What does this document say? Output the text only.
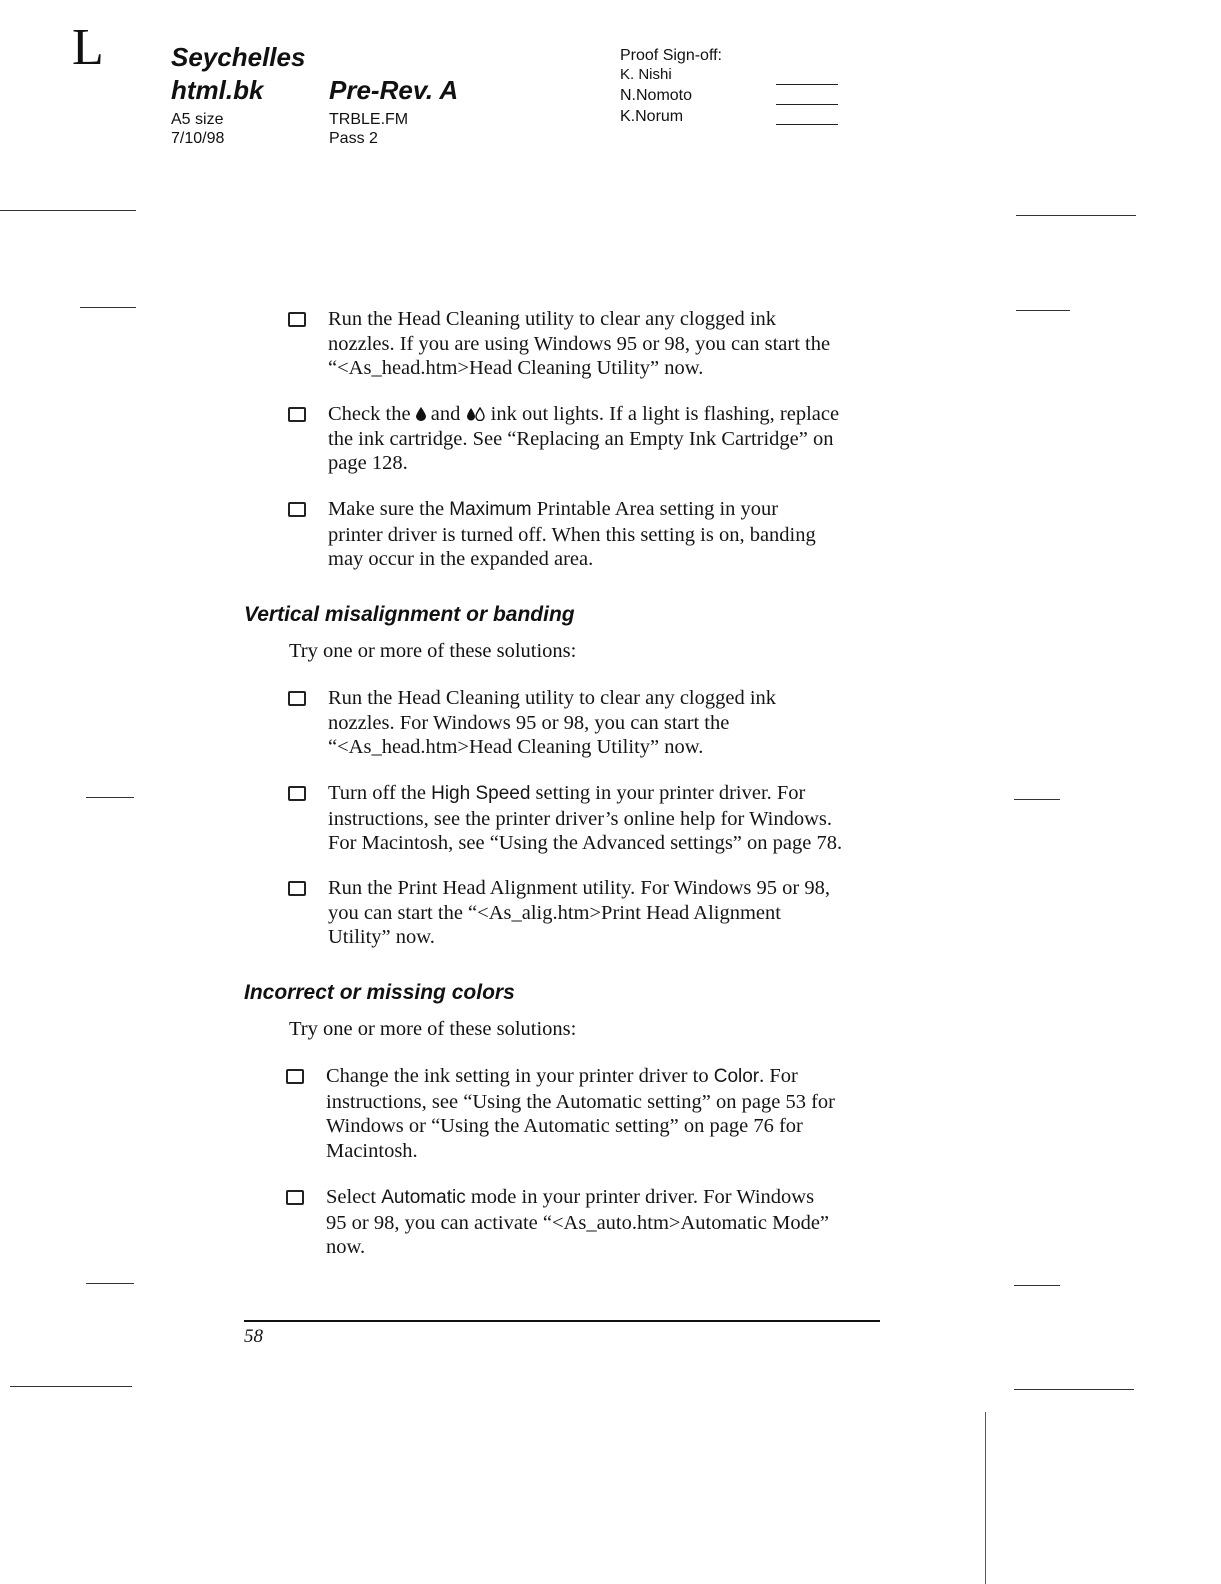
L	Seychelles
html.bk	Pre-Rev. A
A5 size
7/10/98
TRBLE.FM
Pass 2
Proof Sign-off:
K. Nishi
N.Nomoto
K.Norum
Run the Head Cleaning utility to clear any clogged ink
nozzles. If you are using Windows 95 or 98, you can start the
“<As_head.htm>Head Cleaning Utility” now.
Check the and ink out lights. If a light is flashing, replace
the ink cartridge. See “Replacing an Empty Ink Cartridge” on
page 128.
Make sure the Maximum Printable Area setting in your
printer driver is turned off. When this setting is on, banding
may occur in the expanded area.
Vertical misalignment or banding
Try one or more of these solutions:
Run the Head Cleaning utility to clear any clogged ink
nozzles. For Windows 95 or 98, you can start the
“<As_head.htm>Head Cleaning Utility” now.
Turn off the High Speed setting in your printer driver. For
instructions, see the printer driver’s online help for Windows.
For Macintosh, see “Using the Advanced settings” on page 78.
Run the Print Head Alignment utility. For Windows 95 or 98,
you can start the “<As_alig.htm>Print Head Alignment
Utility” now.
Incorrect or missing colors
Try one or more of these solutions:
Change the ink setting in your printer driver to Color. For
instructions, see “Using the Automatic setting” on page 53 for
Windows or “Using the Automatic setting” on page 76 for
Macintosh.
Select Automatic mode in your printer driver. For Windows
95 or 98, you can activate “<As_auto.htm>Automatic Mode”
now.
58
